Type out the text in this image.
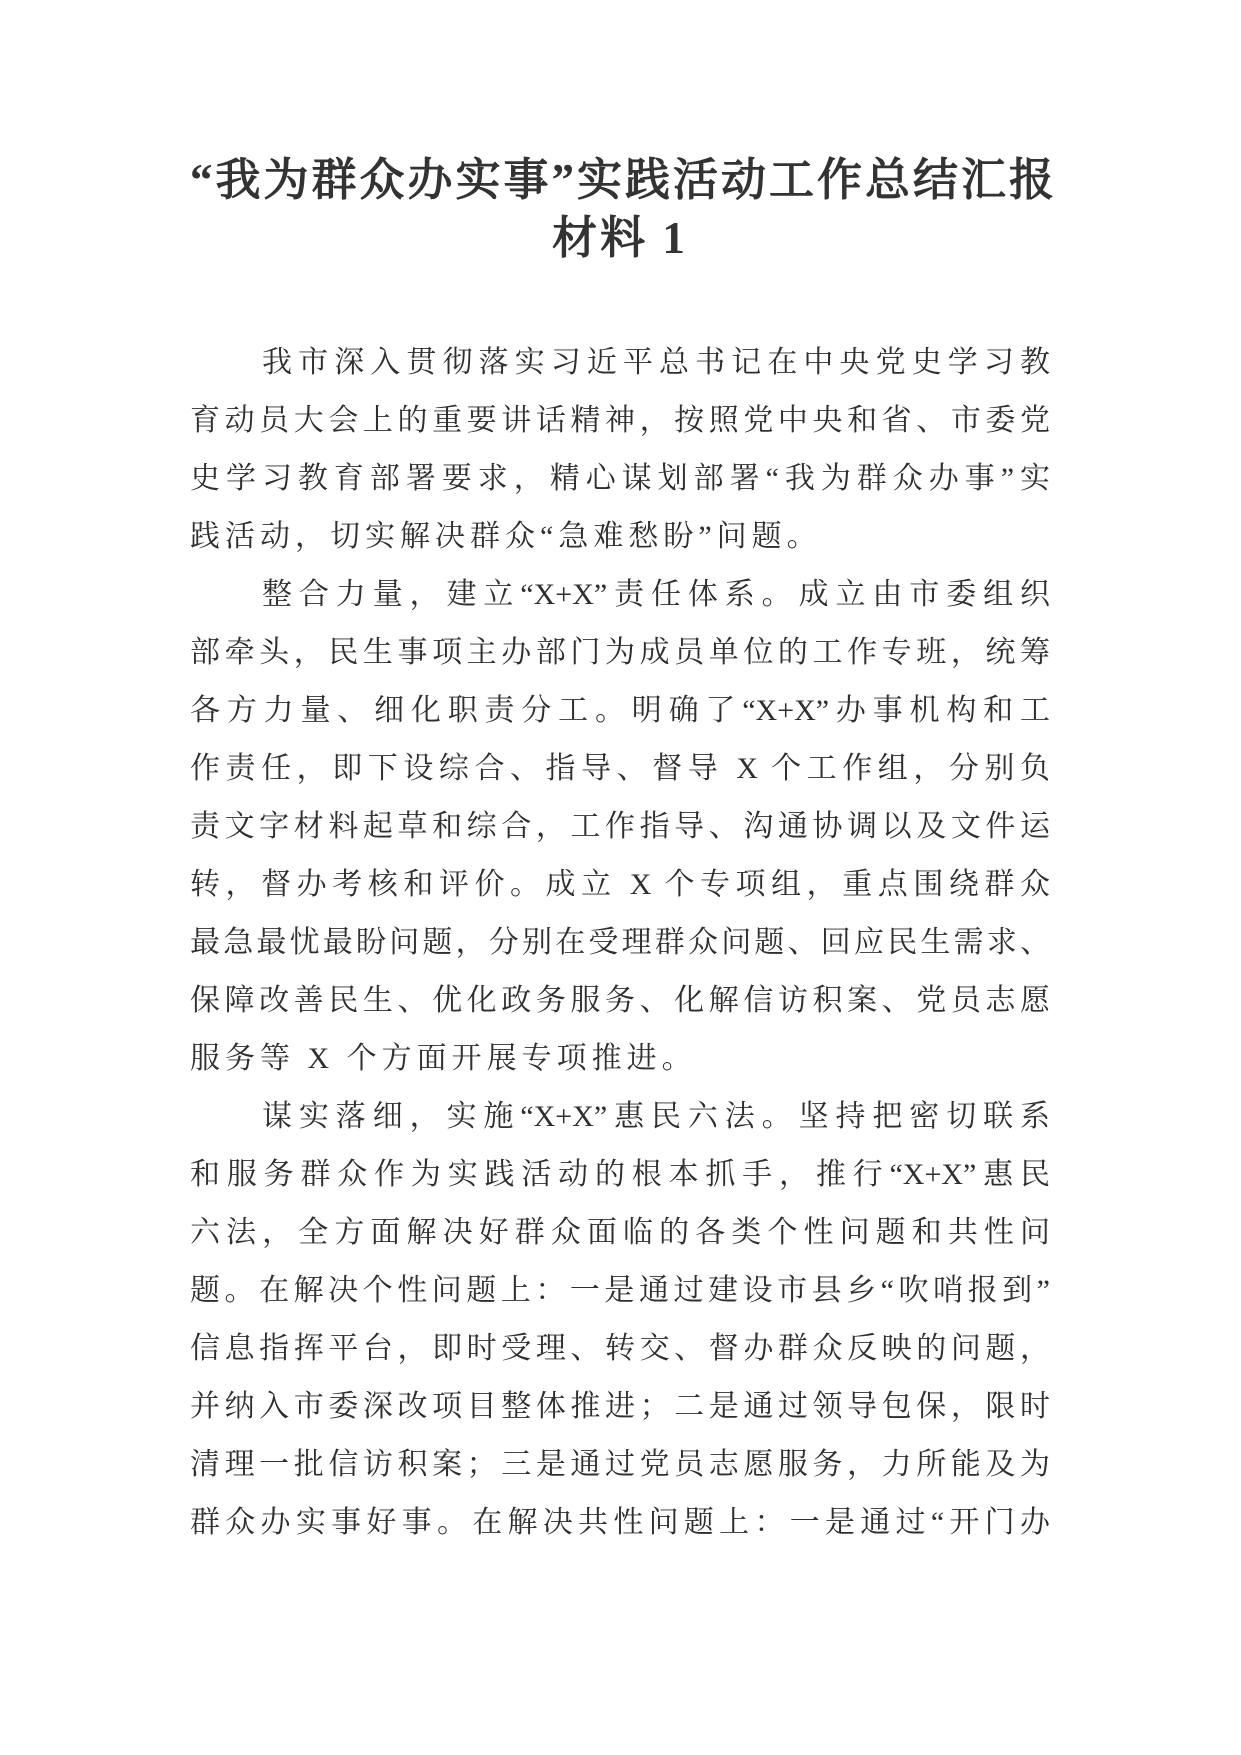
“我为群众办实事”实践活动工作总结汇报
材料 1
我市深入贯彻落实习近平总书记在中央党史学习教
育动员大会上的重要讲话精神，按照党中央和省、市委党
史学习教育部署要求，精心谋划部署“我为群众办事”实
践活动，切实解决群众“急难愁盼”问题。
整合力量，建立“X+X”责任体系。成立由市委组织
部牵头，民生事项主办部门为成员单位的工作专班，统筹
各方力量、细化职责分工。明确了“X+X”办事机构和工
作责任，即下设综合、指导、督导 X 个工作组，分别负
责文字材料起草和综合，工作指导、沟通协调以及文件运
转，督办考核和评价。成立 X 个专项组，重点围绕群众
最急最忧最盼问题，分别在受理群众问题、回应民生需求、
保障改善民生、优化政务服务、化解信访积案、党员志愿
服务等 X 个方面开展专项推进。
谋实落细，实施“X+X”惠民六法。坚持把密切联系
和服务群众作为实践活动的根本抓手，推行“X+X”惠民
六法，全方面解决好群众面临的各类个性问题和共性问
题。在解决个性问题上：一是通过建设市县乡“吹哨报到”
信息指挥平台，即时受理、转交、督办群众反映的问题，
并纳入市委深改项目整体推进；二是通过领导包保，限时
清理一批信访积案；三是通过党员志愿服务，力所能及为
群众办实事好事。在解决共性问题上：一是通过“开门办
